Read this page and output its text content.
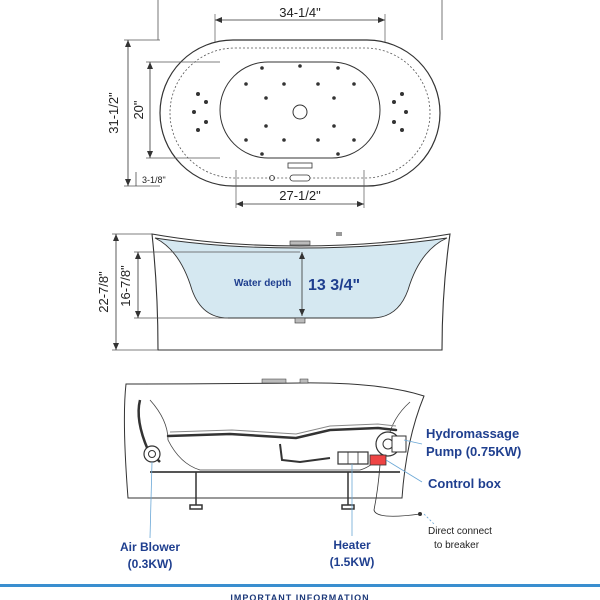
34-1/4"
31-1/2" 20"
3-1/8"
27-1/2"
Water depth 13 3/4"
22-7/8" 16-7/8"
Hydromassage
Pump (0.75KW)
Control box
Direct connect
to breaker
Heater
(1.5KW)
Air Blower
(0.3KW)
IMPORTANT INFORMATION
